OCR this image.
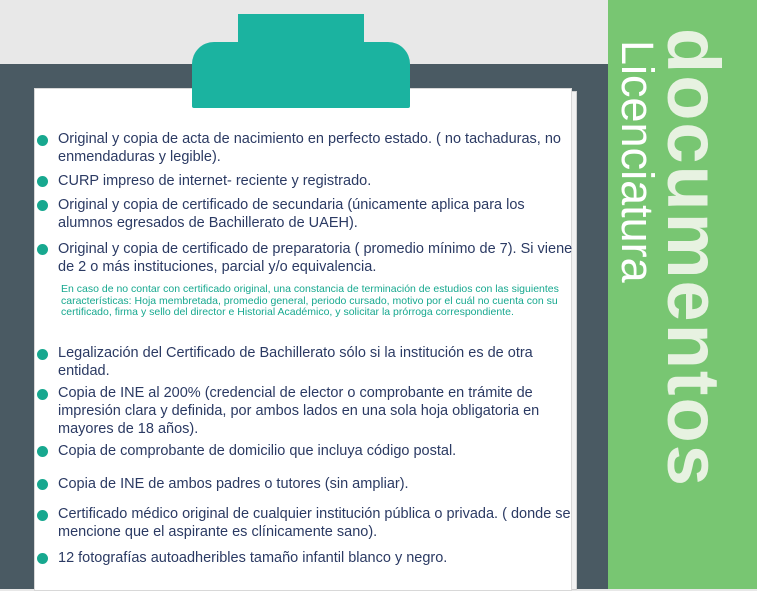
documentos
Licenciatura
Original y copia de acta de nacimiento en perfecto estado. ( no tachaduras, no enmendaduras y legible).
CURP impreso de internet- reciente y registrado.
Original y copia de certificado de secundaria (únicamente aplica para los alumnos egresados de Bachillerato de UAEH).
Original y copia de certificado de preparatoria ( promedio mínimo de 7). Si viene de 2 o más instituciones, parcial y/o equivalencia.
En caso de no contar con certificado original, una constancia de terminación de estudios con las siguientes características: Hoja membretada, promedio general, periodo cursado, motivo por el cuál no cuenta con su certificado, firma y sello del director e Historial Académico, y solicitar la prórroga correspondiente.
Legalización del Certificado de Bachillerato sólo si la institución es de otra entidad.
Copia de INE al 200% (credencial de elector o comprobante en trámite de impresión clara y definida, por ambos lados en una sola hoja obligatoria en mayores de 18 años).
Copia de comprobante de domicilio que incluya código postal.
Copia de INE de ambos padres o tutores (sin ampliar).
Certificado médico original de cualquier institución pública o privada. ( donde se mencione que el aspirante es clínicamente sano).
12 fotografías autoadheribles tamaño infantil blanco y negro.
